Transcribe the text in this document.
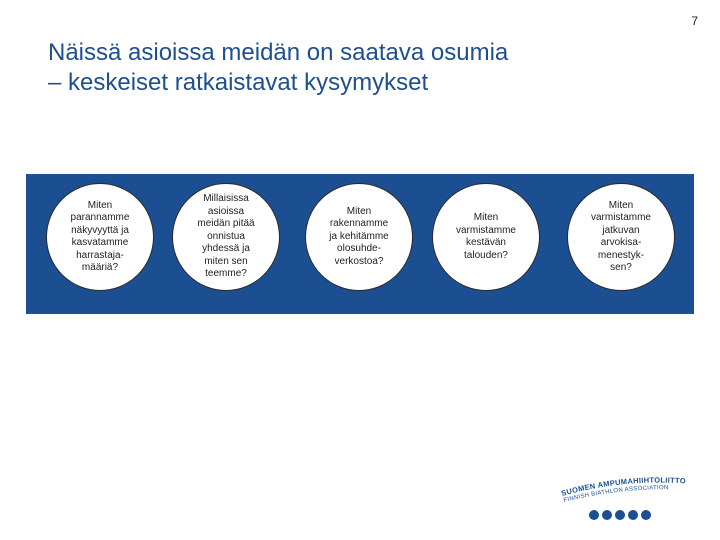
7
Näissä asioissa meidän on saatava osumia
– keskeiset ratkaistavat kysymykset
Miten
parannamme
näkyvyyttä ja
kasvatamme
harrastaja-
määriä?
Millaisissa
asioissa
meidän pitää
onnistua
yhdessä ja
miten sen
teemme?
Miten
rakennamme
ja kehitämme
olosuhde-
verkostoa?
Miten
varmistamme
kestävän
talouden?
Miten
varmistamme
jatkuvan
arvokisa-
menestyk-
sen?
SUOMEN AMPUMAHIIHTOLIITTO
FINNISH BIATHLON ASSOCIATION
